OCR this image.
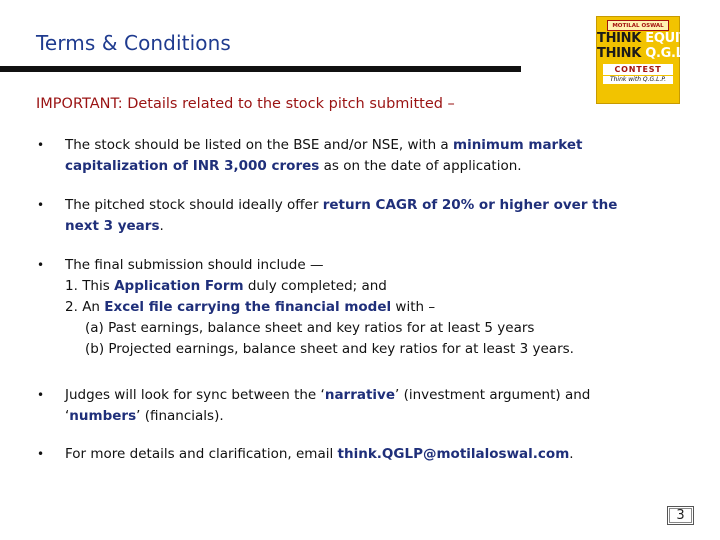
Terms & Conditions
MOTILAL OSWAL
THINK EQUITY
THINK Q.G.L.P.
CONTEST
Think with Q.G.L.P.
IMPORTANT: Details related to the stock pitch submitted –
• The stock should be listed on the BSE and/or NSE, with a minimum market capitalization of INR 3,000 crores as on the date of application.
• The pitched stock should ideally offer return CAGR of 20% or higher over the next 3 years.
• The final submission should include —
1. This Application Form duly completed; and
2. An Excel file carrying the financial model with –
(a) Past earnings, balance sheet and key ratios for at least 5 years
(b) Projected earnings, balance sheet and key ratios for at least 3 years.
• Judges will look for sync between the ‘narrative’ (investment argument) and ‘numbers’ (financials).
• For more details and clarification, email think.QGLP@motilaloswal.com.
3
